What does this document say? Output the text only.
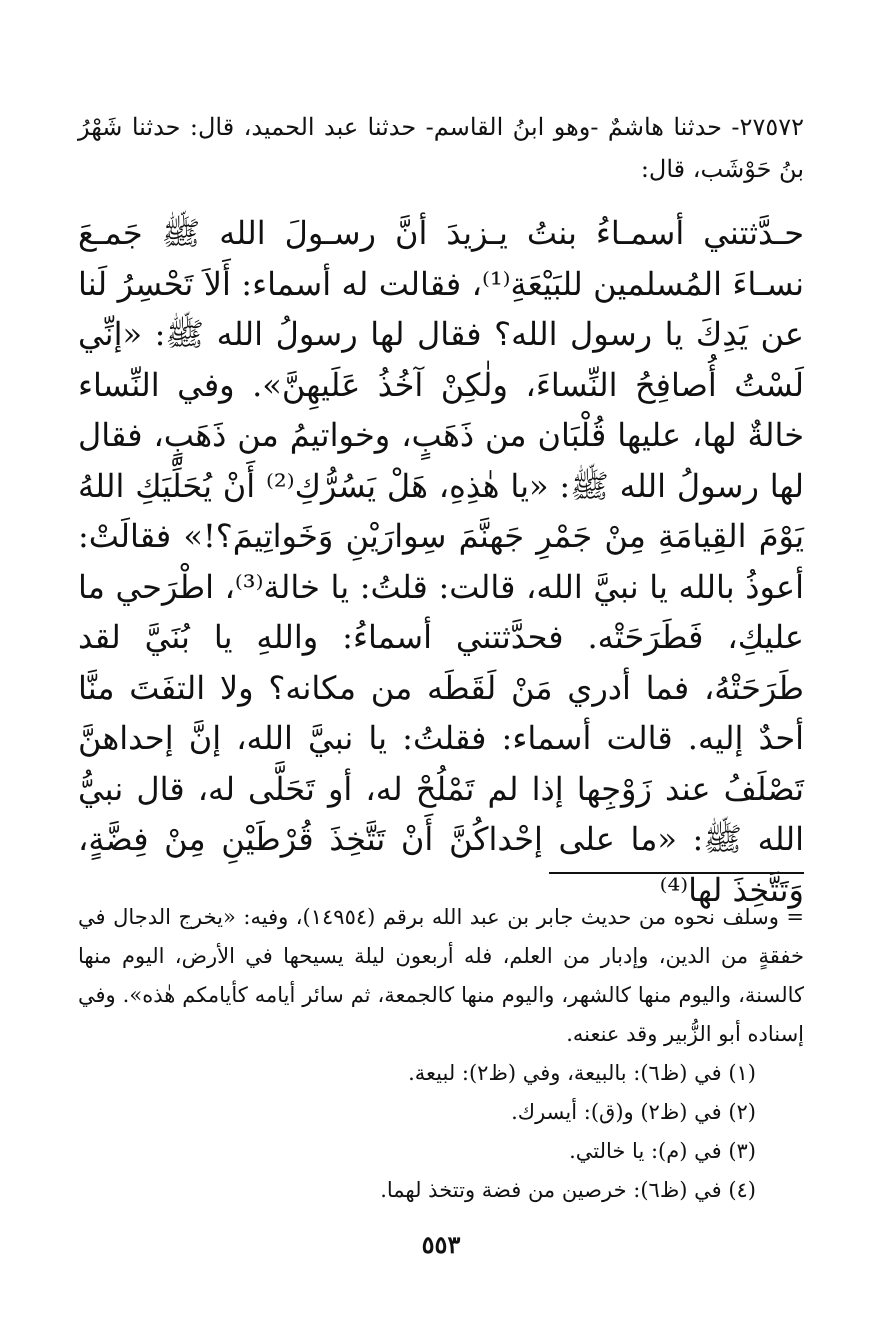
٢٧٥٧٢- حدثنا هاشمٌ -وهو ابنُ القاسم- حدثنا عبد الحميد، قال: حدثنا شَهْرُ بنُ حَوْشَب، قال:

حـدَّثتني أسمـاءُ بنتُ يـزيدَ أنَّ رسـولَ الله ﷺ جَمـعَ نسـاءَ المُسلمين للبَيْعَةِ⁽¹⁾، فقالت له أسماء: أَلاَ تَحْسِرُ لَنا عن يَدِكَ يا رسول الله؟ فقال لها رسولُ الله ﷺ: «إنِّي لَسْتُ أُصافِحُ النِّساءَ، ولٰكِنْ آخُذُ عَلَيهِنَّ». وفي النِّساء خالةٌ لها، عليها قُلْبَان من ذَهَبٍ، وخواتيمُ من ذَهَبٍ، فقال لها رسولُ الله ﷺ: «يا هٰذِهِ، هَلْ يَسُرُّكِ⁽²⁾ أَنْ يُحَلِّيَكِ اللهُ يَوْمَ القِيامَةِ مِنْ جَمْرِ جَهنَّمَ سِوارَيْنِ وَخَواتِيمَ؟!» فقالَتْ: أعوذُ بالله يا نبيَّ الله، قالت: قلتُ: يا خالة⁽³⁾، اطْرَحي ما عليكِ، فَطَرَحَتْه. فحدَّثتني أسماءُ: واللهِ يا بُنَيَّ لقد طَرَحَتْهُ، فما أدري مَنْ لَقَطَه من مكانه؟ ولا التفَتَ منَّا أحدٌ إليه. قالت أسماء: فقلتُ: يا نبيَّ الله، إنَّ إحداهنَّ تَصْلَفُ عند زَوْجِها إذا لم تَمْلُحْ له، أو تَحَلَّى له، قال نبيُّ الله ﷺ: «ما على إحْداكُنَّ أَنْ تَتَّخِذَ قُرْطَيْنِ مِنْ فِضَّةٍ، وَتَتَّخِذَ لها⁽⁴⁾

= وسلف نحوه من حديث جابر بن عبد الله برقم (١٤٩٥٤)، وفيه: «يخرج الدجال في خفقةٍ من الدين، وإدبار من العلم، فله أربعون ليلة يسيحها في الأرض، اليوم منها كالسنة، واليوم منها كالشهر، واليوم منها كالجمعة، ثم سائر أيامه كأيامكم هٰذه». وفي إسناده أبو الزُّبير وقد عنعنه.

(١) في (ظ٦): بالبيعة، وفي (ظ٢): لبيعة.
(٢) في (ظ٢) و(ق): أيسرك.
(٣) في (م): يا خالتي.
(٤) في (ظ٦): خرصين من فضة وتتخذ لهما.
٥٥٣
